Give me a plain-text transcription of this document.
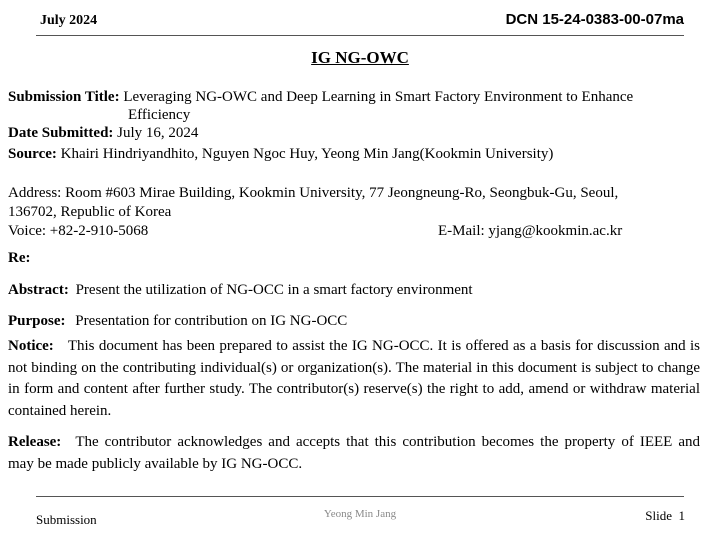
July 2024	DCN 15-24-0383-00-07ma
IG NG-OWC
Submission Title: Leveraging NG-OWC and Deep Learning in Smart Factory Environment to Enhance
Efficiency
Date Submitted: July 16, 2024
Source: Khairi Hindriyandhito, Nguyen Ngoc Huy, Yeong Min Jang(Kookmin University)
Address: Room #603 Mirae Building, Kookmin University, 77 Jeongneung-Ro, Seongbuk-Gu, Seoul,
136702, Republic of Korea
Voice: +82-2-910-5068	E-Mail: yjang@kookmin.ac.kr
Re:
Abstract: Present the utilization of NG-OCC in a smart factory environment
Purpose: Presentation for contribution on IG NG-OCC
Notice: This document has been prepared to assist the IG NG-OCC. It is offered as a basis for discussion and is not binding on the contributing individual(s) or organization(s). The material in this document is subject to change in form and content after further study. The contributor(s) reserve(s) the right to add, amend or withdraw material contained herein.
Release: The contributor acknowledges and accepts that this contribution becomes the property of IEEE and may be made publicly available by IG NG-OCC.
Submission	Yeong Min Jang	Slide 1
